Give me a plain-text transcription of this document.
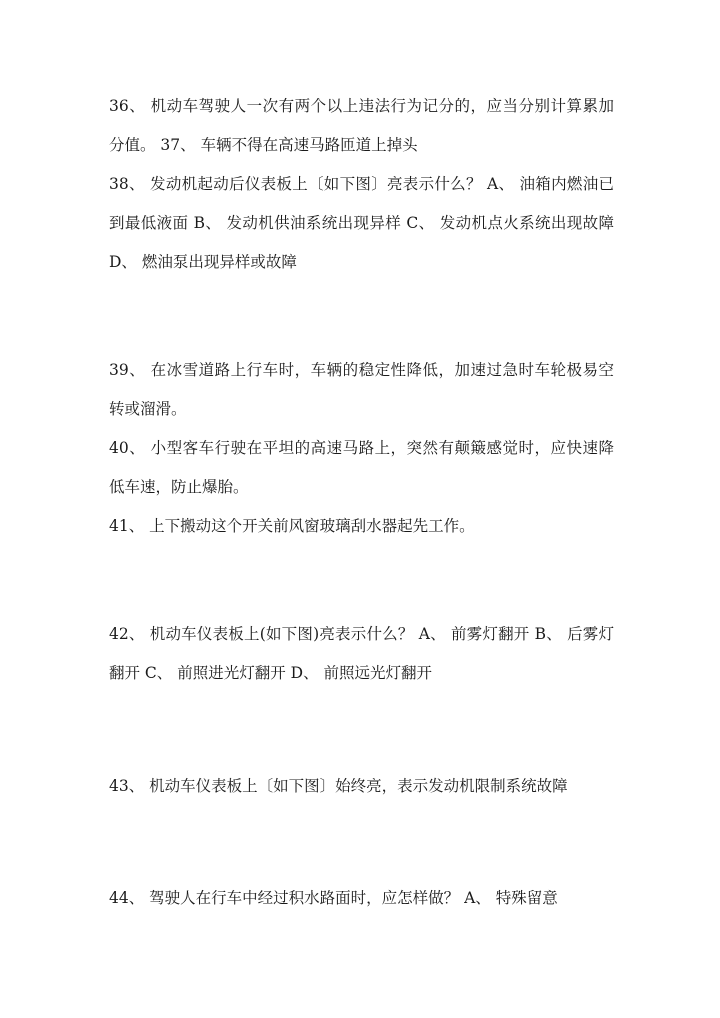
36、 机动车驾驶人一次有两个以上违法行为记分的，应当分别计算累加分值。 37、 车辆不得在高速马路匝道上掉头

38、 发动机起动后仪表板上〔如下图〕亮表示什么？ A、 油箱内燃油已到最低液面 B、 发动机供油系统出现异样 C、 发动机点火系统出现故障 D、 燃油泵出现异样或故障

39、 在冰雪道路上行车时，车辆的稳定性降低，加速过急时车轮极易空转或溜滑。

40、 小型客车行驶在平坦的高速马路上，突然有颠簸感觉时，应快速降低车速，防止爆胎。

41、 上下搬动这个开关前风窗玻璃刮水器起先工作。

42、 机动车仪表板上(如下图)亮表示什么？ A、 前雾灯翻开 B、 后雾灯翻开 C、 前照进光灯翻开 D、 前照远光灯翻开

43、 机动车仪表板上〔如下图〕始终亮，表示发动机限制系统故障

44、 驾驶人在行车中经过积水路面时，应怎样做？ A、 特殊留意
